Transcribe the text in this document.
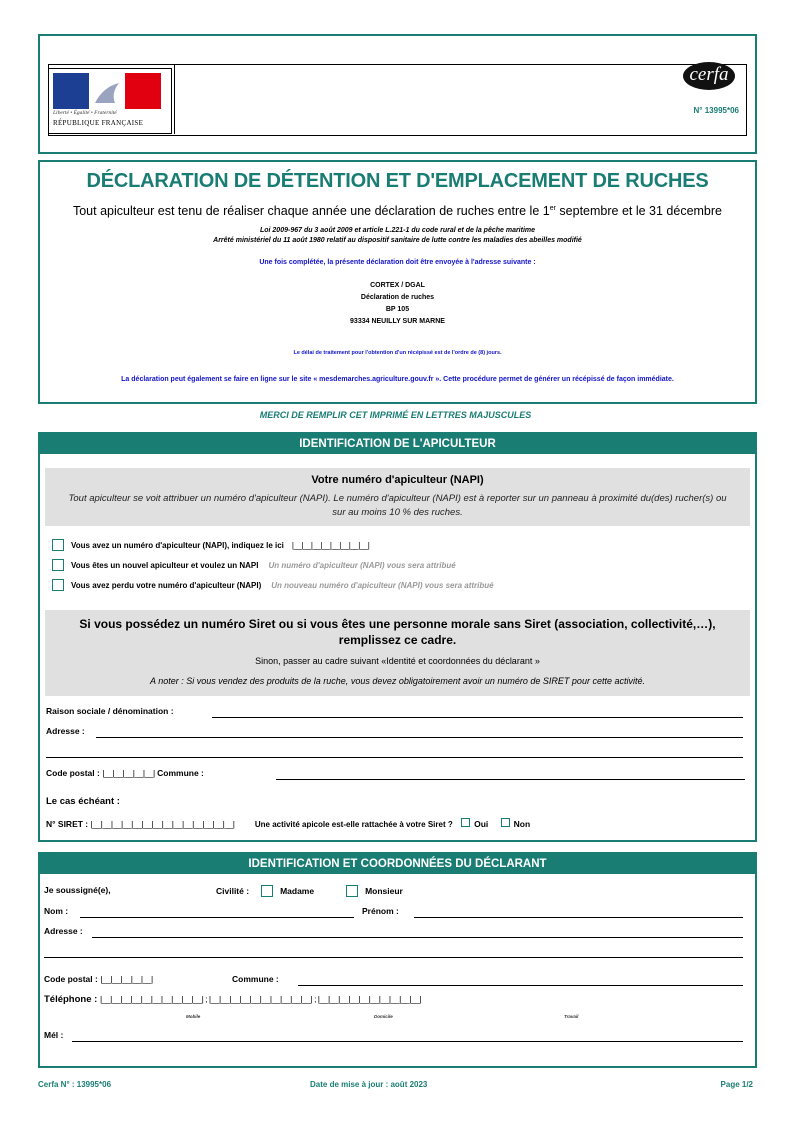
Liberté • Égalité • Fraternité
RÉPUBLIQUE FRANÇAISE
cerfa
N° 13995*06
DÉCLARATION DE DÉTENTION ET D'EMPLACEMENT DE RUCHES
Tout apiculteur est tenu de réaliser chaque année une déclaration de ruches entre le 1er septembre et le 31 décembre
Loi 2009-967 du 3 août 2009 et article L.221-1 du code rural et de la pêche maritime
Arrêté ministériel du 11 août 1980 relatif au dispositif sanitaire de lutte contre les maladies des abeilles modifié
Une fois complétée, la présente déclaration doit être envoyée à l'adresse suivante :
CORTEX / DGAL
Déclaration de ruches
BP 105
93334 NEUILLY SUR MARNE
Le délai de traitement pour l'obtention d'un récépissé est de l'ordre de (8) jours.
La déclaration peut également se faire en ligne sur le site « mesdemarches.agriculture.gouv.fr ». Cette procédure permet de générer un récépissé de façon immédiate.
MERCI DE REMPLIR CET IMPRIMÉ EN LETTRES MAJUSCULES
IDENTIFICATION DE L'APICULTEUR
Votre numéro d'apiculteur (NAPI)
Tout apiculteur se voit attribuer un numéro d'apiculteur (NAPI). Le numéro d'apiculteur (NAPI) est à reporter sur un panneau à proximité du(des) rucher(s) ou sur au moins 10 % des ruches.
Vous avez un numéro d'apiculteur (NAPI), indiquez le ici |__|__|__|__|__|__|__|__|
Vous êtes un nouvel apiculteur et voulez un NAPI Un numéro d'apiculteur (NAPI) vous sera attribué
Vous avez perdu votre numéro d'apiculteur (NAPI) Un nouveau numéro d'apiculteur (NAPI) vous sera attribué
Si vous possédez un numéro Siret ou si vous êtes une personne morale sans Siret (association, collectivité,…), remplissez ce cadre.
Sinon, passer au cadre suivant «Identité et coordonnées du déclarant »
A noter : Si vous vendez des produits de la ruche, vous devez obligatoirement avoir un numéro de SIRET pour cette activité.
Raison sociale / dénomination :
Adresse :
Code postal : |__|__|__|__|__| Commune :
Le cas échéant :
N° SIRET : |__|__|__|__|__|__|__|__|__|__|__|__|__|__|	Une activité apicole est-elle rattachée à votre Siret ?	Oui	Non
IDENTIFICATION ET COORDONNÉES DU DÉCLARANT
Je soussigné(e),	Civilité :	Madame	Monsieur
Nom :	Prénom :
Adresse :
Code postal : |__|__|__|__|__|	Commune :
Téléphone : |__|__|__|__|__|__|__|__|__|__| ; |__|__|__|__|__|__|__|__|__|__| ; |__|__|__|__|__|__|__|__|__|__|
Mobile	Domicile	Travail
Mél :
Cerfa N° : 13995*06	Date de mise à jour : août 2023	Page 1/2
